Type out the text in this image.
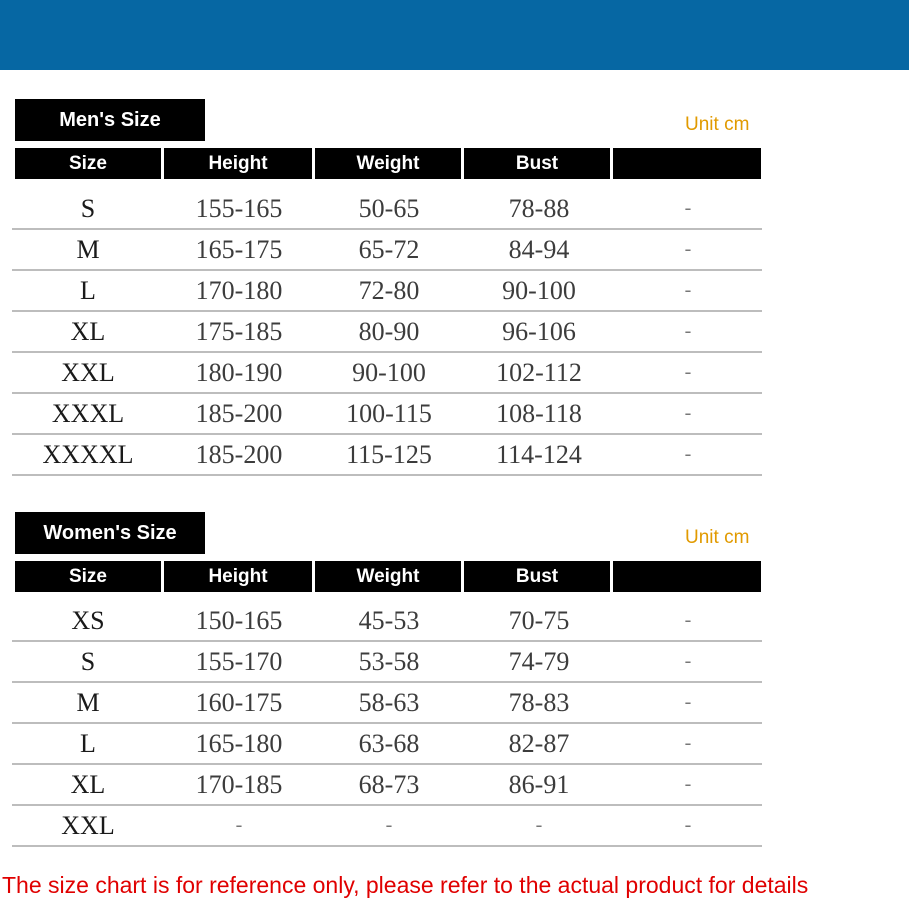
Men's Size	Unit cm
Size	Height	Weight	Bust
S	155-165	50-65	78-88	-
M	165-175	65-72	84-94	-
L	170-180	72-80	90-100	-
XL	175-185	80-90	96-106	-
XXL	180-190	90-100	102-112	-
XXXL	185-200	100-115	108-118	-
XXXXL	185-200	115-125	114-124	-
Women's Size	Unit cm
Size	Height	Weight	Bust
XS	150-165	45-53	70-75	-
S	155-170	53-58	74-79	-
M	160-175	58-63	78-83	-
L	165-180	63-68	82-87	-
XL	170-185	68-73	86-91	-
XXL	-	-	-	-
The size chart is for reference only, please refer to the actual product for details
